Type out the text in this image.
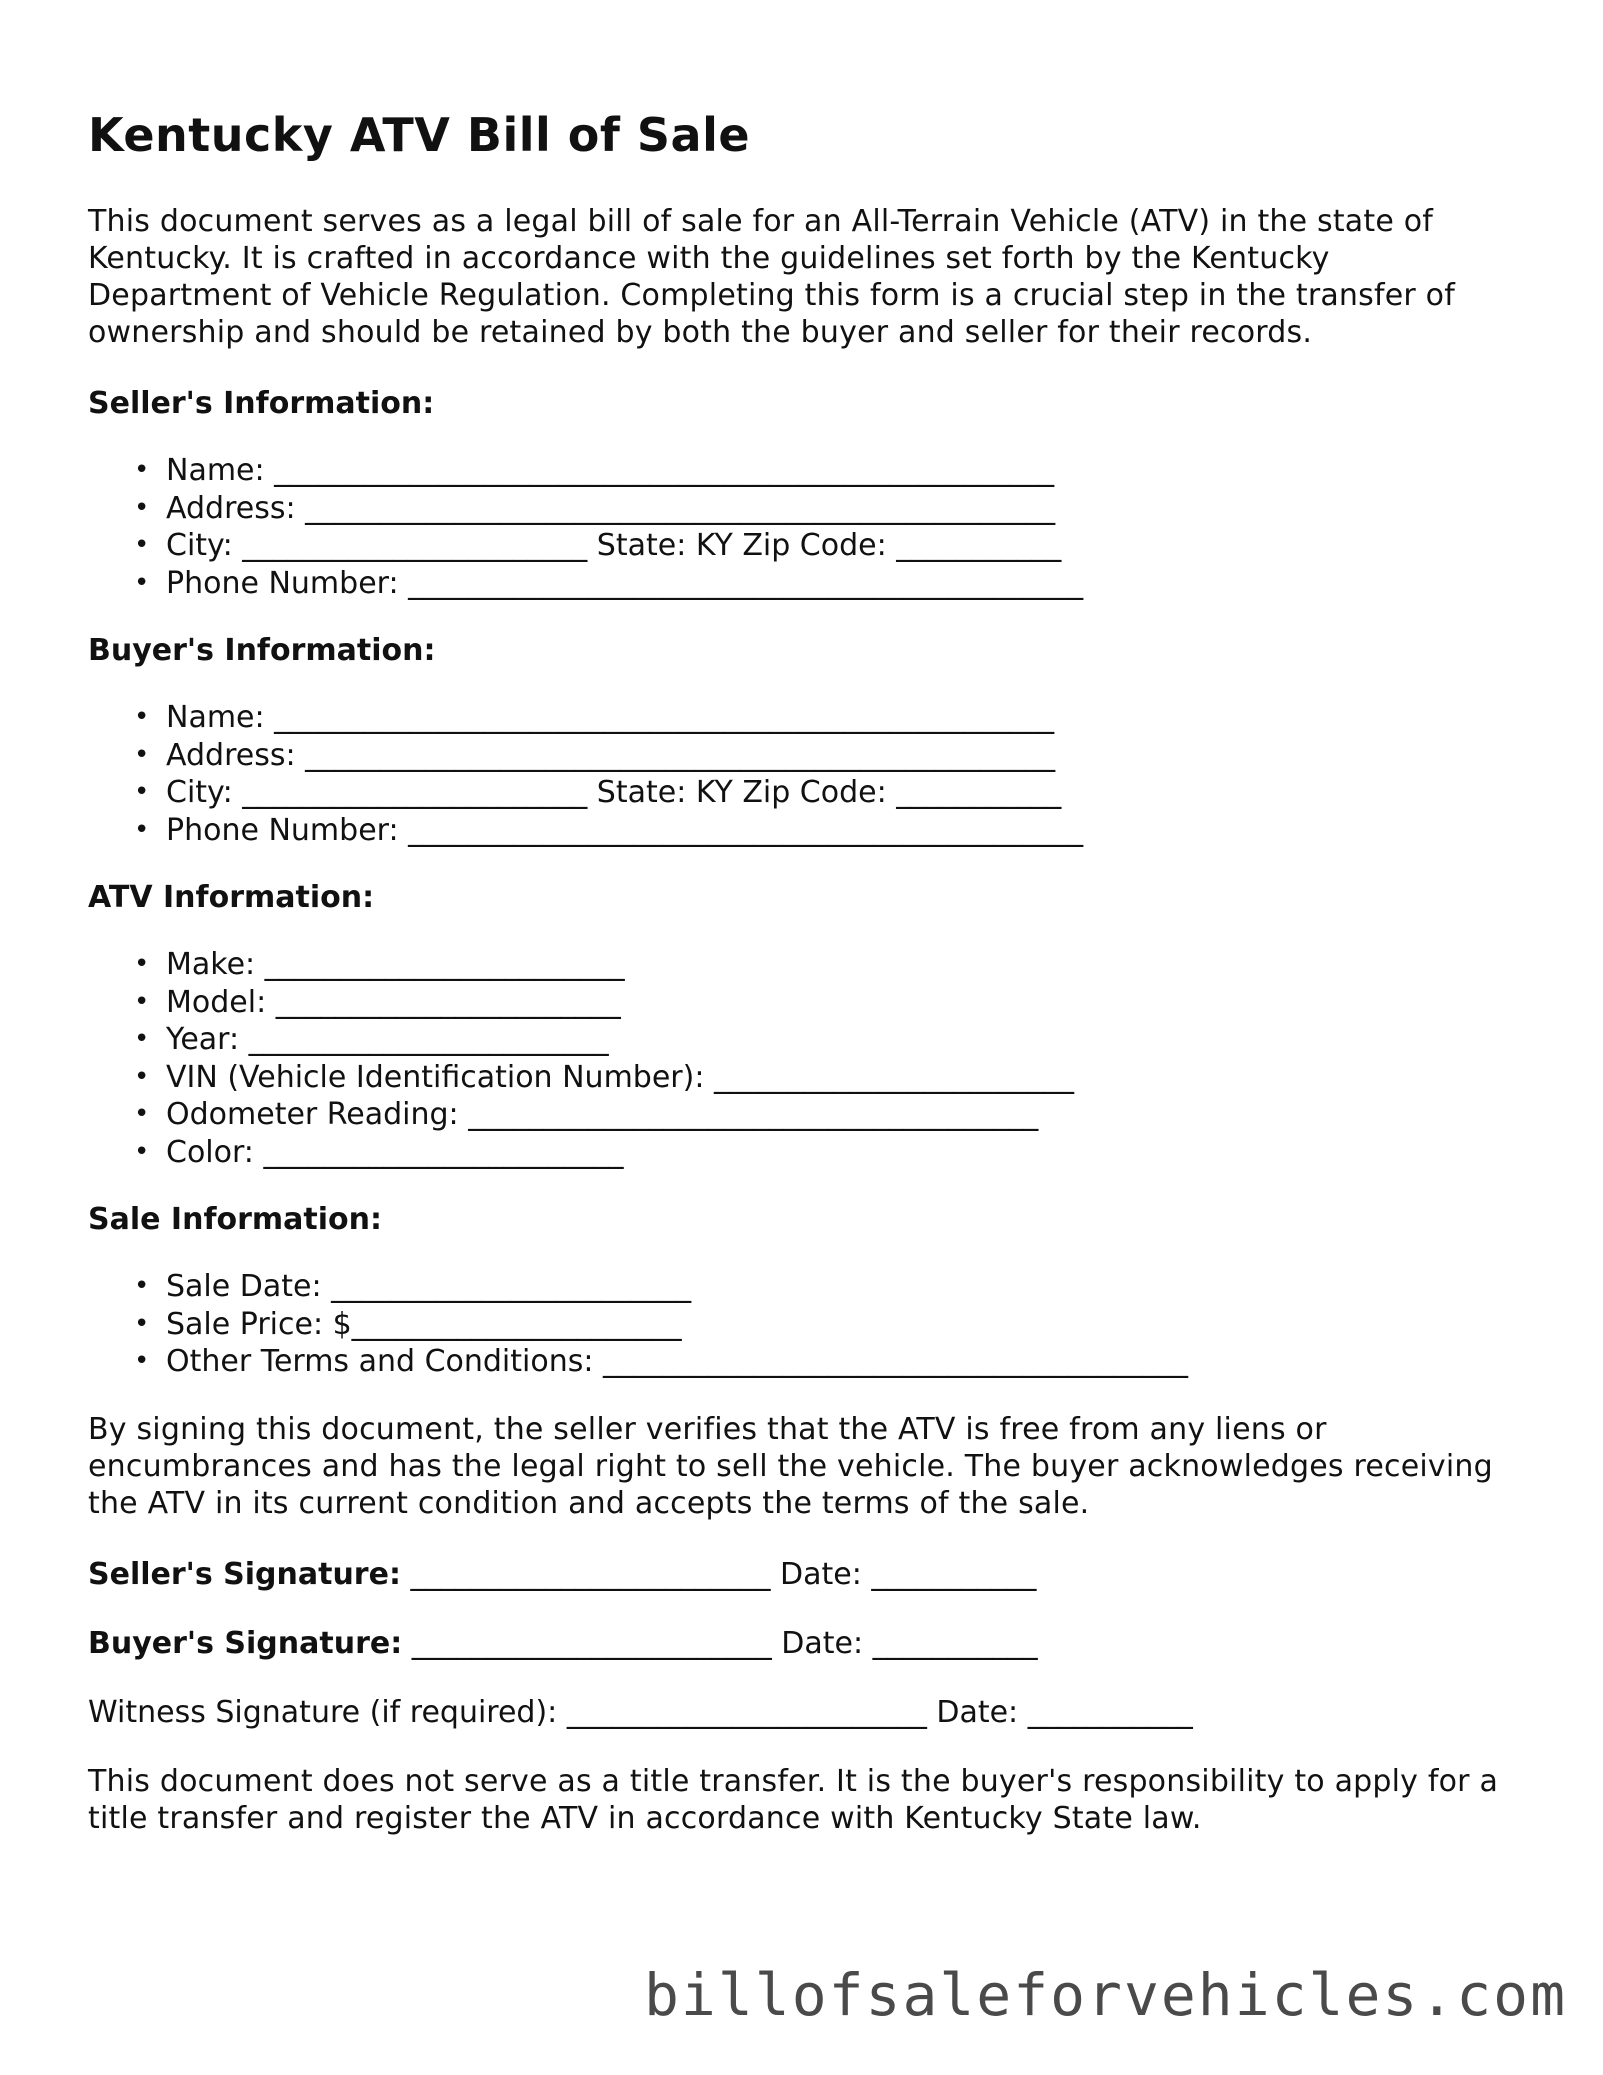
Kentucky ATV Bill of Sale

This document serves as a legal bill of sale for an All-Terrain Vehicle (ATV) in the state of Kentucky. It is crafted in accordance with the guidelines set forth by the Kentucky Department of Vehicle Regulation. Completing this form is a crucial step in the transfer of ownership and should be retained by both the buyer and seller for their records.

Seller's Information:
• Name: ____________________________________________________
• Address: __________________________________________________
• City: _______________________ State: KY Zip Code: ___________
• Phone Number: _____________________________________________
Buyer's Information:
• Name: ____________________________________________________
• Address: __________________________________________________
• City: _______________________ State: KY Zip Code: ___________
• Phone Number: _____________________________________________
ATV Information:
• Make: ________________________
• Model: _______________________
• Year: ________________________
• VIN (Vehicle Identification Number): ________________________
• Odometer Reading: ______________________________________
• Color: ________________________
Sale Information:
• Sale Date: ________________________
• Sale Price: $______________________
• Other Terms and Conditions: _______________________________________

By signing this document, the seller verifies that the ATV is free from any liens or encumbrances and has the legal right to sell the vehicle. The buyer acknowledges receiving the ATV in its current condition and accepts the terms of the sale.

Seller's Signature: ________________________ Date: ___________
Buyer's Signature: ________________________ Date: ___________
Witness Signature (if required): ________________________ Date: ___________

This document does not serve as a title transfer. It is the buyer's responsibility to apply for a title transfer and register the ATV in accordance with Kentucky State law.

billofsaleforvehicles.com
